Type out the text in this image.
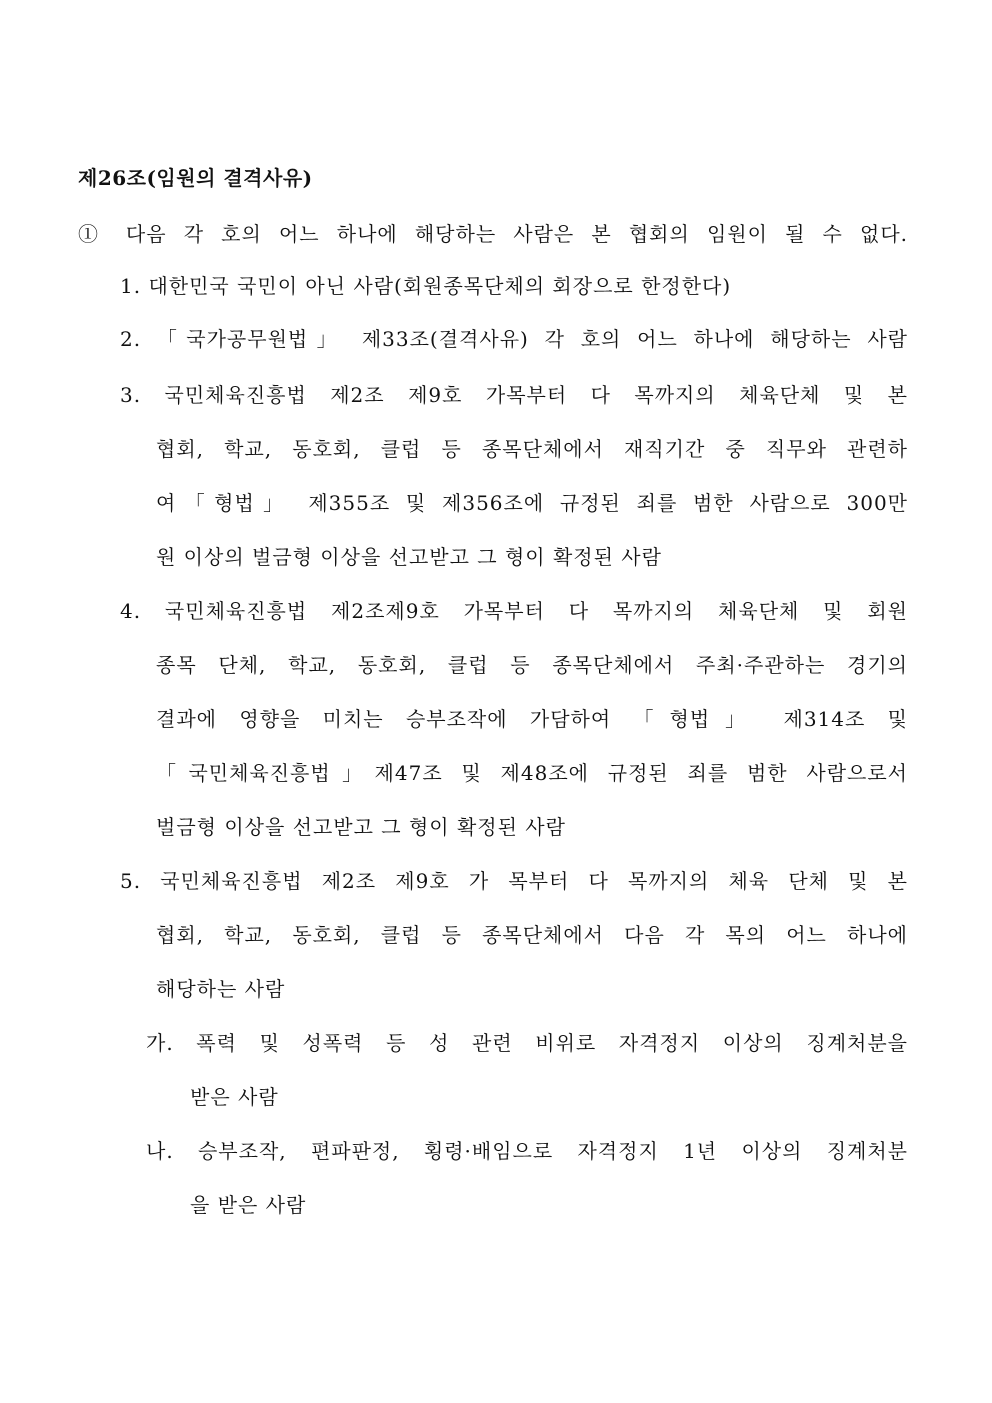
제26조(임원의 결격사유)
① 다음 각 호의 어느 하나에 해당하는 사람은 본 협회의 임원이 될 수 없다.
1. 대한민국 국민이 아닌 사람(회원종목단체의 회장으로 한정한다)
2. 「국가공무원법」 제33조(결격사유) 각 호의 어느 하나에 해당하는 사람
3. 국민체육진흥법 제2조 제9호 가목부터 다 목까지의 체육단체 및 본
협회, 학교, 동호회, 클럽 등 종목단체에서 재직기간 중 직무와 관련하
여「형법」 제355조 및 제356조에 규정된 죄를 범한 사람으로 300만
원 이상의 벌금형 이상을 선고받고 그 형이 확정된 사람
4. 국민체육진흥법 제2조제9호 가목부터 다 목까지의 체육단체 및 회원
종목 단체, 학교, 동호회, 클럽 등 종목단체에서 주최·주관하는 경기의
결과에 영향을 미치는 승부조작에 가담하여 「형법」 제314조 및
「국민체육진흥법」제47조 및 제48조에 규정된 죄를 범한 사람으로서
벌금형 이상을 선고받고 그 형이 확정된 사람
5. 국민체육진흥법 제2조 제9호 가 목부터 다 목까지의 체육 단체 및 본
협회, 학교, 동호회, 클럽 등 종목단체에서 다음 각 목의 어느 하나에
해당하는 사람
가. 폭력 및 성폭력 등 성 관련 비위로 자격정지 이상의 징계처분을
받은 사람
나. 승부조작, 편파판정, 횡령·배임으로 자격정지 1년 이상의 징계처분
을 받은 사람
